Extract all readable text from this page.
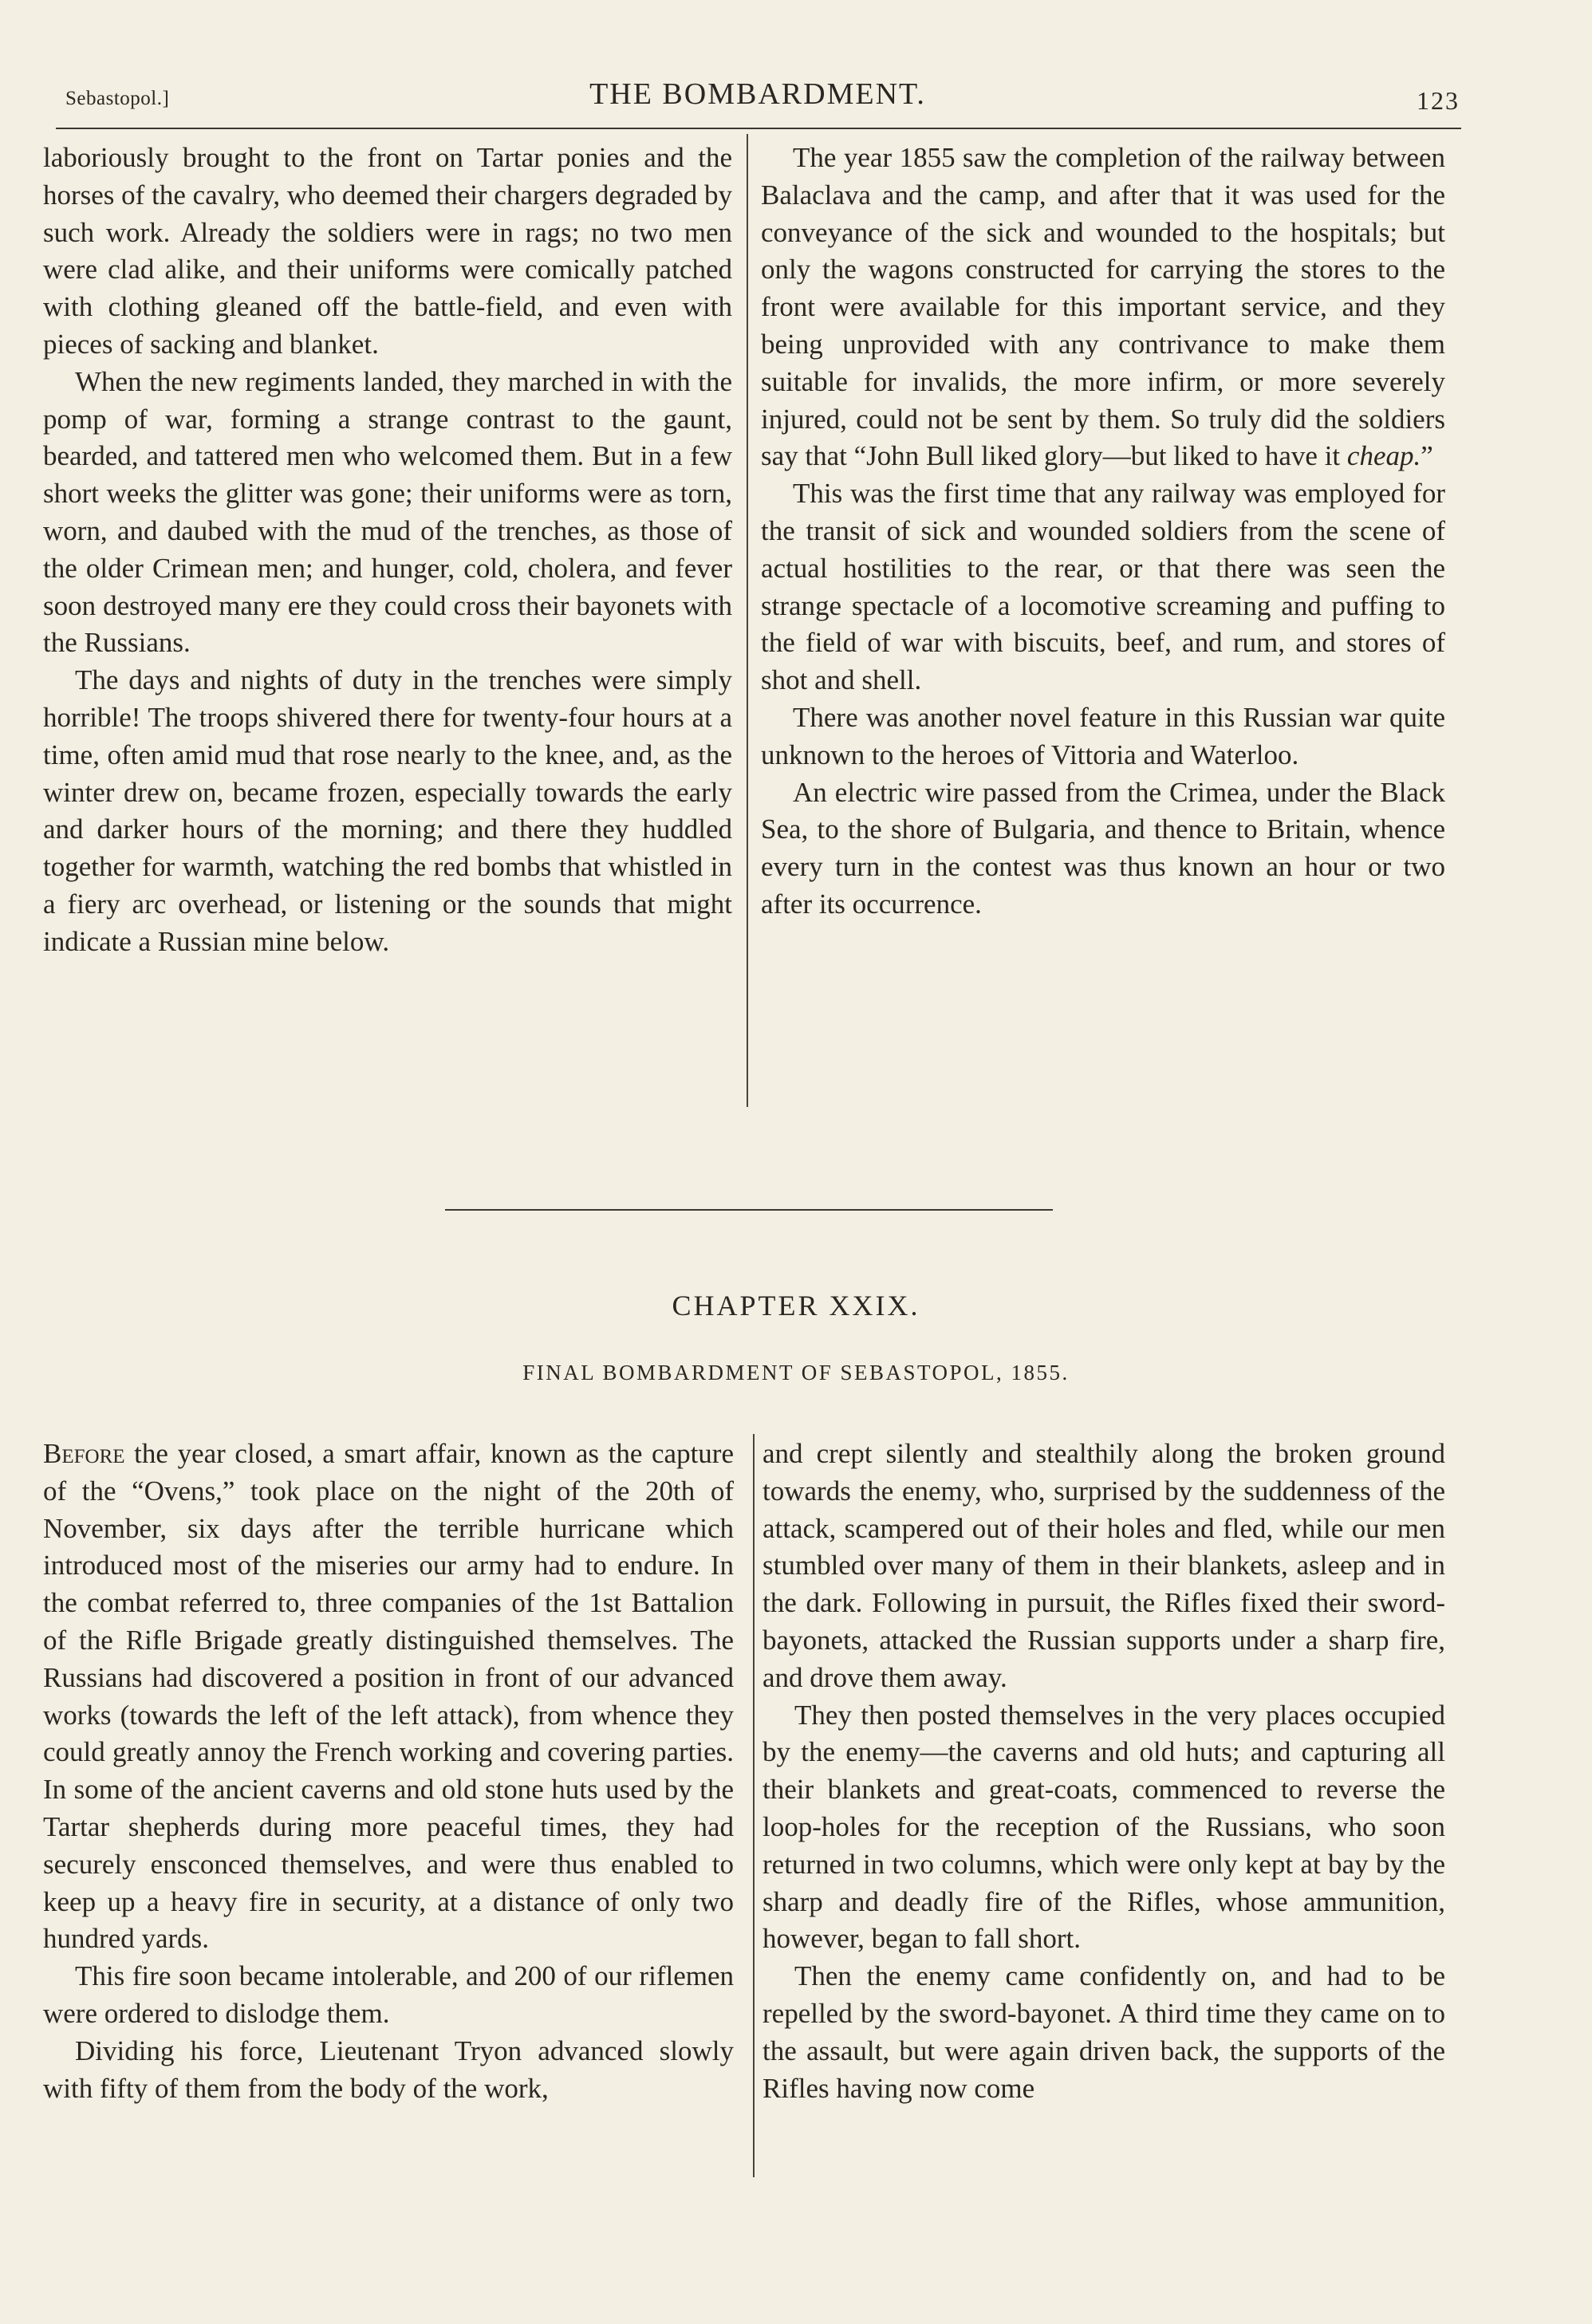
Sebastopol.]	THE BOMBARDMENT.	123

laboriously brought to the front on Tartar ponies and the horses of the cavalry, who deemed their chargers degraded by such work. Already the soldiers were in rags; no two men were clad alike, and their uniforms were comically patched with clothing gleaned off the battle-field, and even with pieces of sacking and blanket.

When the new regiments landed, they marched in with the pomp of war, forming a strange contrast to the gaunt, bearded, and tattered men who welcomed them. But in a few short weeks the glitter was gone; their uniforms were as torn, worn, and daubed with the mud of the trenches, as those of the older Crimean men; and hunger, cold, cholera, and fever soon destroyed many ere they could cross their bayonets with the Russians.

The days and nights of duty in the trenches were simply horrible! The troops shivered there for twenty-four hours at a time, often amid mud that rose nearly to the knee, and, as the winter drew on, became frozen, especially towards the early and darker hours of the morning; and there they huddled together for warmth, watching the red bombs that whistled in a fiery arc overhead, or listening or the sounds that might indicate a Russian mine below.

The year 1855 saw the completion of the railway between Balaclava and the camp, and after that it was used for the conveyance of the sick and wounded to the hospitals; but only the wagons constructed for carrying the stores to the front were available for this important service, and they being unprovided with any contrivance to make them suitable for invalids, the more infirm, or more severely injured, could not be sent by them. So truly did the soldiers say that “John Bull liked glory—but liked to have it cheap.”

This was the first time that any railway was employed for the transit of sick and wounded soldiers from the scene of actual hostilities to the rear, or that there was seen the strange spectacle of a locomotive screaming and puffing to the field of war with biscuits, beef, and rum, and stores of shot and shell.

There was another novel feature in this Russian war quite unknown to the heroes of Vittoria and Waterloo.

An electric wire passed from the Crimea, under the Black Sea, to the shore of Bulgaria, and thence to Britain, whence every turn in the contest was thus known an hour or two after its occurrence.

CHAPTER XXIX.
FINAL BOMBARDMENT OF SEBASTOPOL, 1855.

Before the year closed, a smart affair, known as the capture of the “Ovens,” took place on the night of the 20th of November, six days after the terrible hurricane which introduced most of the miseries our army had to endure. In the combat referred to, three companies of the 1st Battalion of the Rifle Brigade greatly distinguished themselves. The Russians had discovered a position in front of our advanced works (towards the left of the left attack), from whence they could greatly annoy the French working and covering parties. In some of the ancient caverns and old stone huts used by the Tartar shepherds during more peaceful times, they had securely ensconced themselves, and were thus enabled to keep up a heavy fire in security, at a distance of only two hundred yards.

This fire soon became intolerable, and 200 of our riflemen were ordered to dislodge them.

Dividing his force, Lieutenant Tryon advanced slowly with fifty of them from the body of the work,

and crept silently and stealthily along the broken ground towards the enemy, who, surprised by the suddenness of the attack, scampered out of their holes and fled, while our men stumbled over many of them in their blankets, asleep and in the dark. Following in pursuit, the Rifles fixed their sword-bayonets, attacked the Russian supports under a sharp fire, and drove them away.

They then posted themselves in the very places occupied by the enemy—the caverns and old huts; and capturing all their blankets and great-coats, commenced to reverse the loop-holes for the reception of the Russians, who soon returned in two columns, which were only kept at bay by the sharp and deadly fire of the Rifles, whose ammunition, however, began to fall short.

Then the enemy came confidently on, and had to be repelled by the sword-bayonet. A third time they came on to the assault, but were again driven back, the supports of the Rifles having now come
